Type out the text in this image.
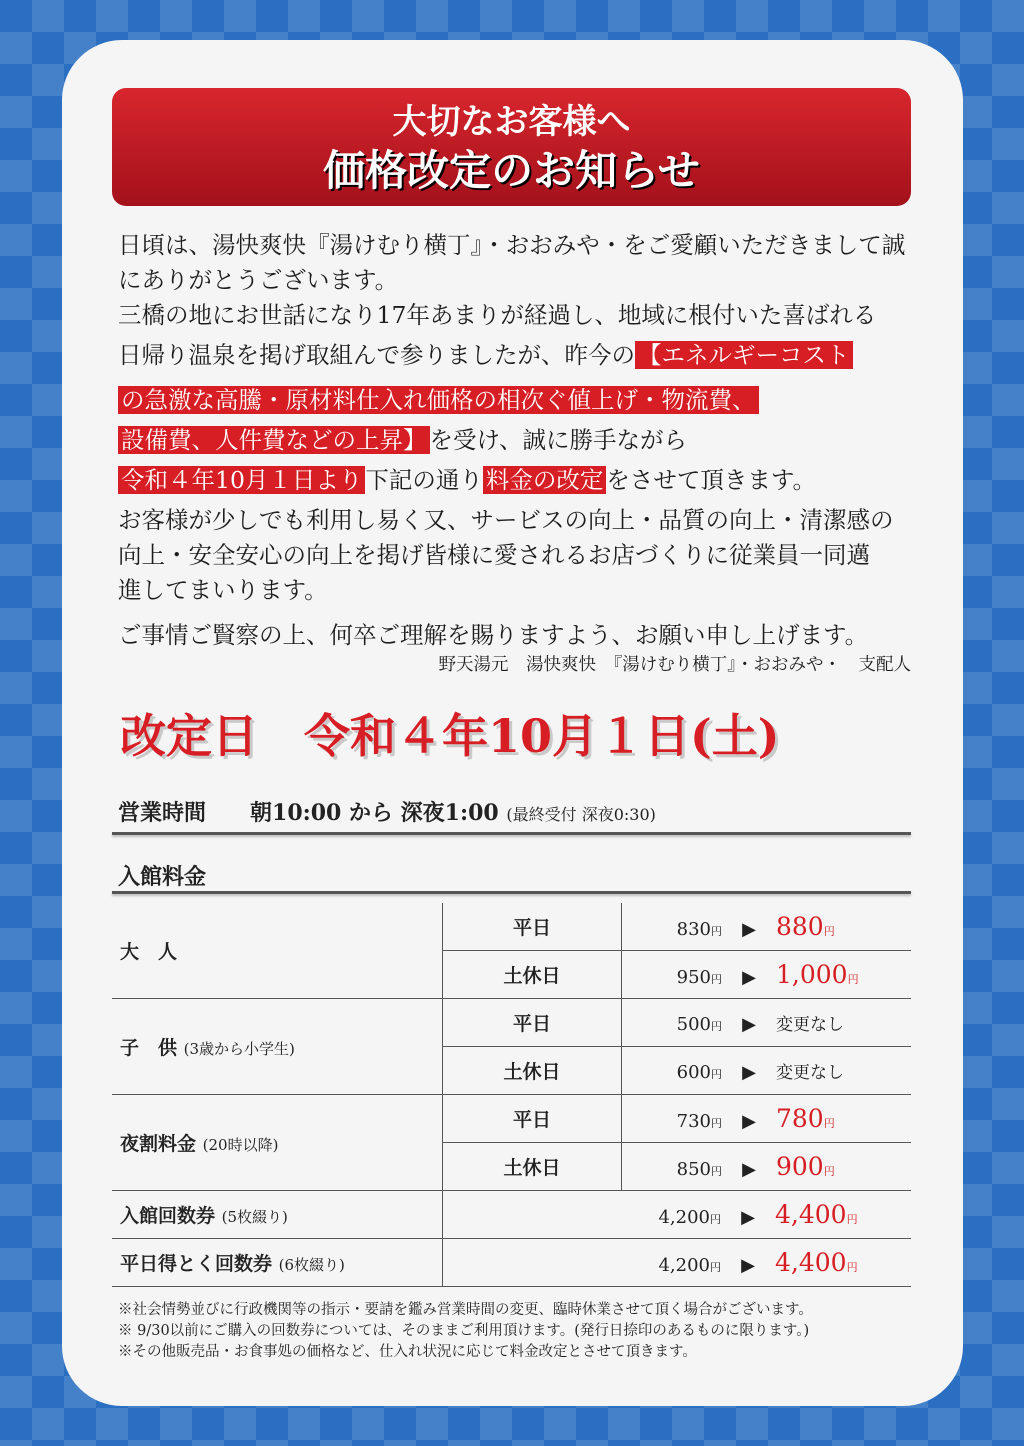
大切なお客様へ
価格改定のお知らせ
日頃は、湯快爽快『湯けむり横丁』・おおみや・をご愛顧いただきまして誠
にありがとうございます。
三橋の地にお世話になり17年あまりが経過し、地域に根付いた喜ばれる
日帰り温泉を掲げ取組んで参りましたが、昨今の 【エネルギーコスト
の急激な高騰・原材料仕入れ価格の相次ぐ値上げ・物流費、
設備費、人件費などの上昇】 を受け、誠に勝手ながら
令和４年10月１日より 下記の通り 料金の改定 をさせて頂きます。
お客様が少しでも利用し易く又、サービスの向上・品質の向上・清潔感の
向上・安全安心の向上を掲げ皆様に愛されるお店づくりに従業員一同邁
進してまいります。
ご事情ご賢察の上、何卒ご理解を賜りますよう、お願い申し上げます。
野天湯元　湯快爽快　『湯けむり横丁』・おおみや・　支配人
改定日　令和４年10月１日(土)
営業時間   朝10:00 から 深夜1:00 (最終受付 深夜0:30)
入館料金
大　人	平日	830円 ▶ 880円
	土休日	950円 ▶ 1,000円
子　供 (3歳から小学生)	平日	500円 ▶ 変更なし
	土休日	600円 ▶ 変更なし
夜割料金 (20時以降)	平日	730円 ▶ 780円
	土休日	850円 ▶ 900円
入館回数券 (5枚綴り)	4,200円 ▶ 4,400円	
平日得とく回数券 (6枚綴り)	4,200円 ▶ 4,400円	
※社会情勢並びに行政機関等の指示・要請を鑑み営業時間の変更、臨時休業させて頂く場合がございます。
※ 9/30以前にご購入の回数券については、そのままご利用頂けます。(発行日捺印のあるものに限ります。)
※その他販売品・お食事処の価格など、仕入れ状況に応じて料金改定とさせて頂きます。
